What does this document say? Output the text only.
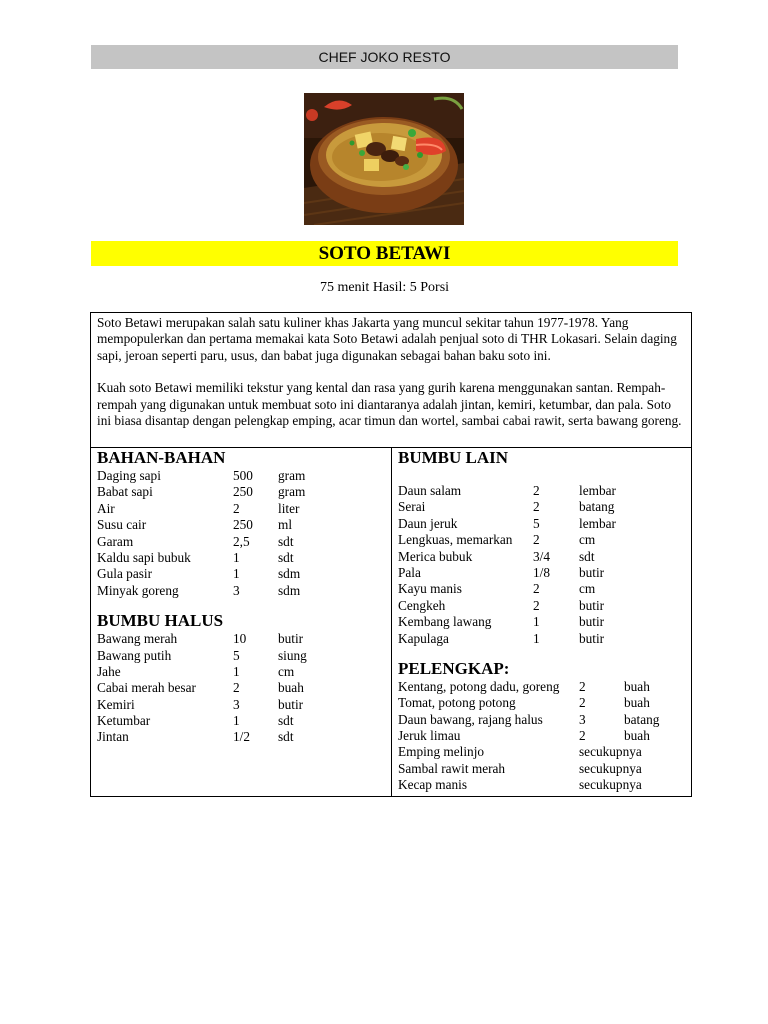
CHEF JOKO RESTO
SOTO BETAWI
75 menit Hasil: 5 Porsi

Soto Betawi merupakan salah satu kuliner khas Jakarta yang muncul sekitar tahun 1977-1978. Yang mempopulerkan dan pertama memakai kata Soto Betawi adalah penjual soto di THR Lokasari. Selain daging sapi, jeroan seperti paru, usus, dan babat juga digunakan sebagai bahan baku soto ini.

Kuah soto Betawi memiliki tekstur yang kental dan rasa yang gurih karena menggunakan santan. Rempah-rempah yang digunakan untuk membuat soto ini diantaranya adalah jintan, kemiri, ketumbar, dan pala. Soto ini biasa disantap dengan pelengkap emping, acar timun dan wortel, sambai cabai rawit, serta bawang goreng.

BAHAN-BAHAN
Daging sapi	500 gram
Babat sapi	250 gram
Air	2	liter
Susu cair	250 ml
Garam	2,5 sdt
Kaldu sapi bubuk	1	sdt
Gula pasir	1	sdm
Minyak goreng	3	sdm
BUMBU HALUS
Bawang merah	10 butir
Bawang putih	5	siung
Jahe	1	cm
Cabai merah besar	2	buah
Kemiri	3	butir
Ketumbar	1	sdt
Jintan	1/2 sdt
BUMBU LAIN
Daun salam	2	lembar
Serai	2	batang
Daun jeruk	5	lembar
Lengkuas, memarkan 2	cm
Merica bubuk	3/4 sdt
Pala	1/8 butir
Kayu manis	2	cm
Cengkeh	2	butir
Kembang lawang	1	butir
Kapulaga	1	butir
PELENGKAP:
Kentang, potong dadu, goreng 2	buah
Tomat, potong potong	2	buah
Daun bawang, rajang halus	3	batang
Jeruk limau	2	buah
Emping melinjo	secukupnya
Sambal rawit merah	secukupnya
Kecap manis	secukupnya
